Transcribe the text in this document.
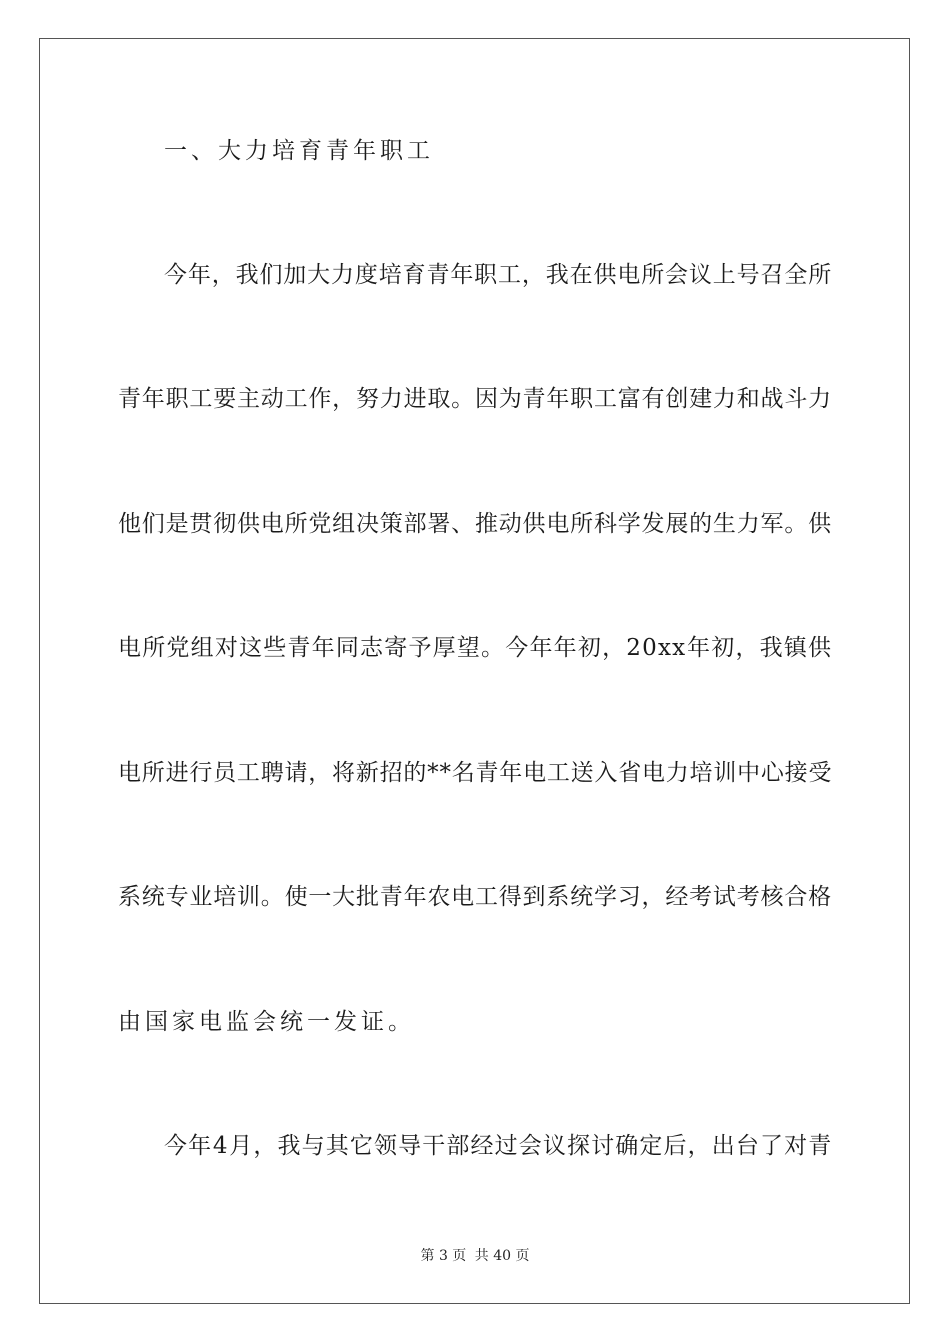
一、大力培育青年职工
今 年 ， 我 们 加 大 力 度 培 育 青 年 职 工 ， 我 在 供 电 所 会 议 上 号 召 全 所
青 年 职 工 要 主 动 工 作 ， 努 力 进 取 。 因 为 青 年 职 工 富 有 创 建 力 和 战 斗 力
他 们 是 贯 彻 供 电 所 党 组 决 策 部 署 、 推 动 供 电 所 科 学 发 展 的 生 力 军 。 供
电 所 党 组 对 这 些 青 年 同 志 寄 予 厚 望 。 今 年 年 初 ， 2 0 x x 年 初 ， 我 镇 供
电 所 进 行 员 工 聘 请 ， 将 新 招 的 * * 名 青 年 电 工 送 入 省 电 力 培 训 中 心 接 受
系 统 专 业 培 训 。 使 一 大 批 青 年 农 电 工 得 到 系 统 学 习 ， 经 考 试 考 核 合 格
由国家电监会统一发证。
今 年 4 月 ， 我 与 其 它 领 导 干 部 经 过 会 议 探 讨 确 定 后 ， 出 台 了 对 青
第 3 页 共 40 页
